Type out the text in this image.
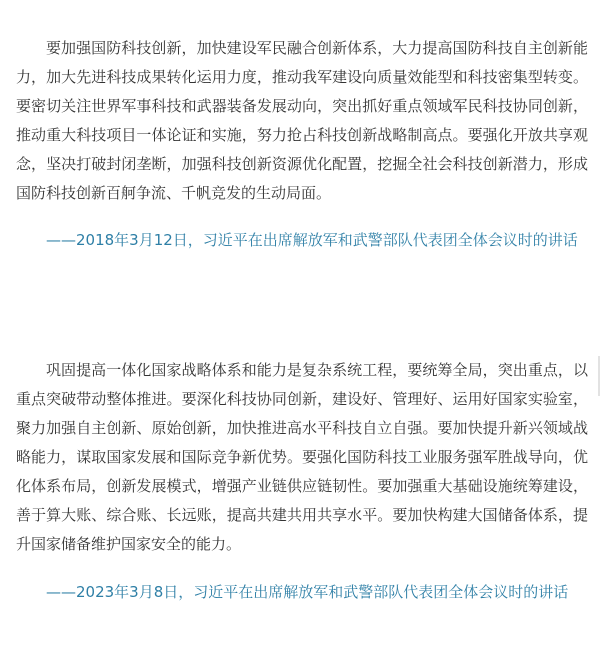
要加强国防科技创新，加快建设军民融合创新体系，大力提高国防科技自主创新能力，加大先进科技成果转化运用力度，推动我军建设向质量效能型和科技密集型转变。要密切关注世界军事科技和武器装备发展动向，突出抓好重点领域军民科技协同创新，推动重大科技项目一体论证和实施，努力抢占科技创新战略制高点。要强化开放共享观念，坚决打破封闭垄断，加强科技创新资源优化配置，挖掘全社会科技创新潜力，形成国防科技创新百舸争流、千帆竞发的生动局面。

——2018年3月12日，习近平在出席解放军和武警部队代表团全体会议时的讲话

巩固提高一体化国家战略体系和能力是复杂系统工程，要统筹全局，突出重点，以重点突破带动整体推进。要深化科技协同创新，建设好、管理好、运用好国家实验室，聚力加强自主创新、原始创新，加快推进高水平科技自立自强。要加快提升新兴领域战略能力，谋取国家发展和国际竞争新优势。要强化国防科技工业服务强军胜战导向，优化体系布局，创新发展模式，增强产业链供应链韧性。要加强重大基础设施统筹建设，善于算大账、综合账、长远账，提高共建共用共享水平。要加快构建大国储备体系，提升国家储备维护国家安全的能力。

——2023年3月8日，习近平在出席解放军和武警部队代表团全体会议时的讲话
